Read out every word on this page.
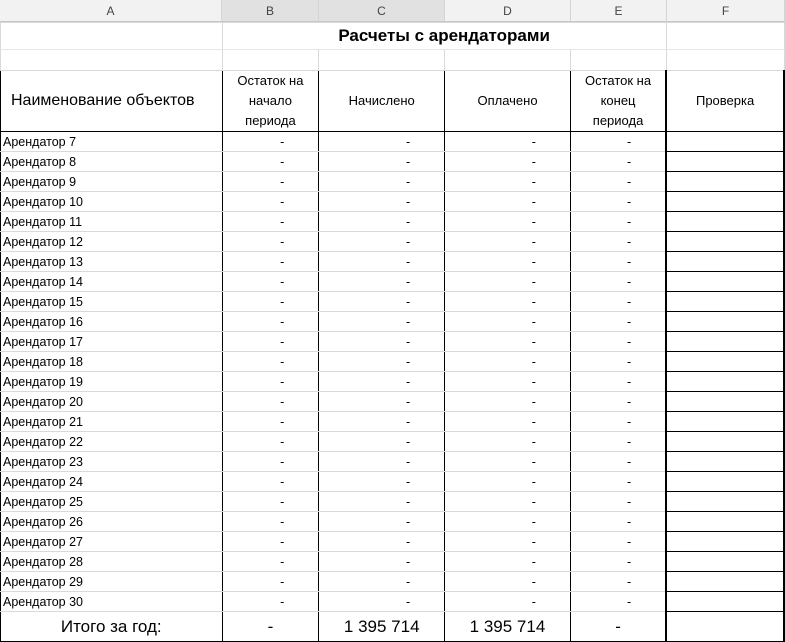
A	B	C	D	E	F
	Расчеты с арендаторами				

Наименование объектов	Остаток на начало периода	Начислено	Оплачено	Остаток на конец периода	Проверка
Арендатор 7	-	-	-	-	
Арендатор 8	-	-	-	-	
Арендатор 9	-	-	-	-	
Арендатор 10	-	-	-	-	
Арендатор 11	-	-	-	-	
Арендатор 12	-	-	-	-	
Арендатор 13	-	-	-	-	
Арендатор 14	-	-	-	-	
Арендатор 15	-	-	-	-	
Арендатор 16	-	-	-	-	
Арендатор 17	-	-	-	-	
Арендатор 18	-	-	-	-	
Арендатор 19	-	-	-	-	
Арендатор 20	-	-	-	-	
Арендатор 21	-	-	-	-	
Арендатор 22	-	-	-	-	
Арендатор 23	-	-	-	-	
Арендатор 24	-	-	-	-	
Арендатор 25	-	-	-	-	
Арендатор 26	-	-	-	-	
Арендатор 27	-	-	-	-	
Арендатор 28	-	-	-	-	
Арендатор 29	-	-	-	-	
Арендатор 30	-	-	-	-	
Итого за год:	-	1 395 714	1 395 714	-	
